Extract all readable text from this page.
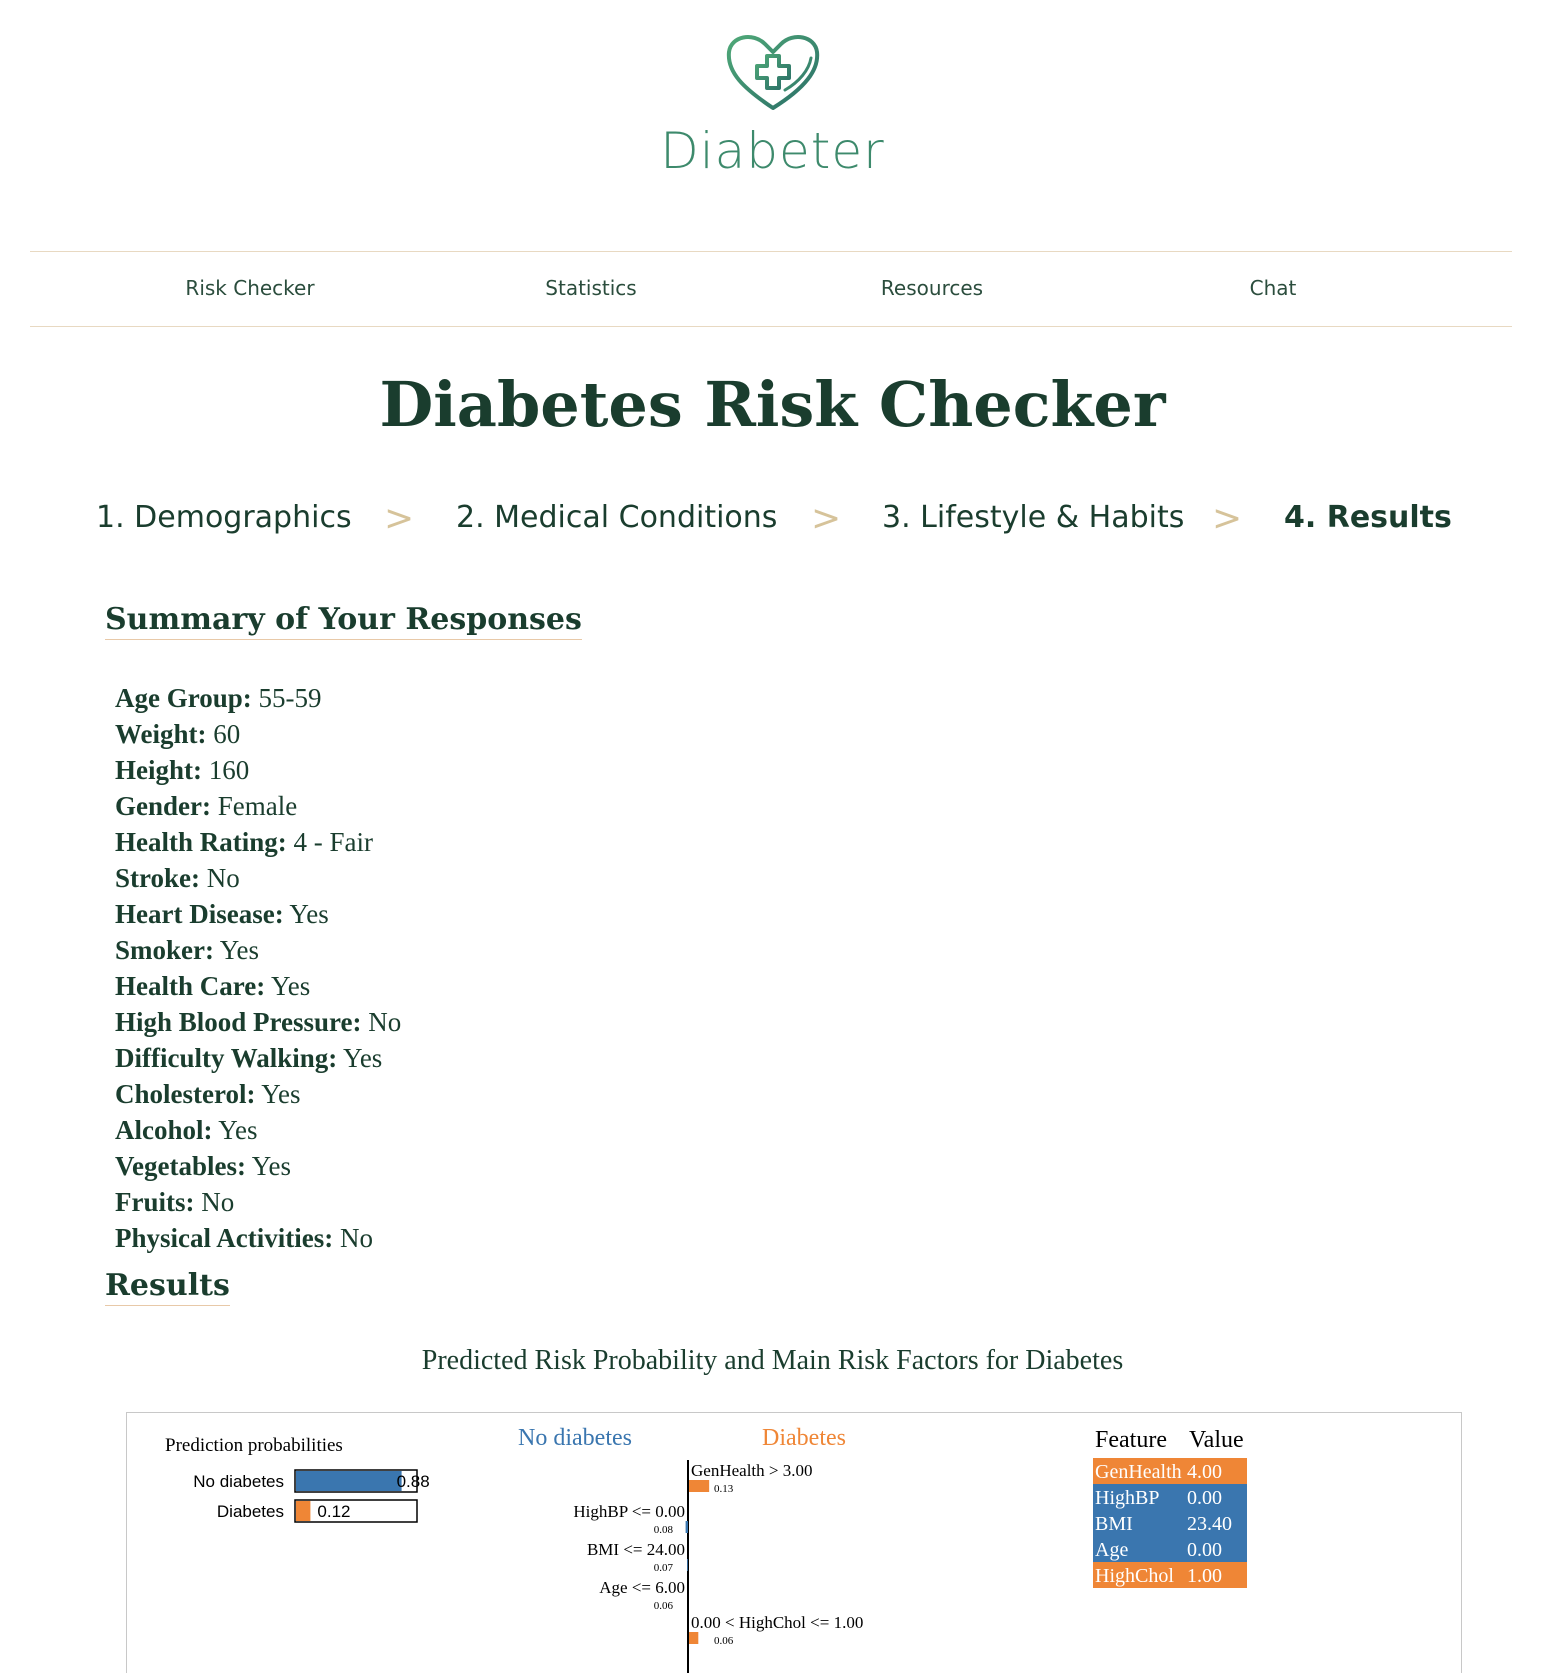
Diabeter
Risk Checker	Statistics	Resources	Chat
Diabetes Risk Checker
1. Demographics > 2. Medical Conditions > 3. Lifestyle & Habits > 4. Results
Summary of Your Responses
Age Group: 55-59
Weight: 60
Height: 160
Gender: Female
Health Rating: 4 - Fair
Stroke: No
Heart Disease: Yes
Smoker: Yes
Health Care: Yes
High Blood Pressure: No
Difficulty Walking: Yes
Cholesterol: Yes
Alcohol: Yes
Vegetables: Yes
Fruits: No
Physical Activities: No
Results
Predicted Risk Probability and Main Risk Factors for Diabetes
Prediction probabilities
No diabetes	0.88
Diabetes 0.12
No diabetes	Diabetes
GenHealth > 3.00
0.13
HighBP <= 0.00
0.08
BMI <= 24.00
0.07
Age <= 6.00
0.06
0.00 < HighChol <= 1.00
0.06
Feature Value
GenHealth 4.00
HighBP 0.00
BMI	23.40
Age	0.00
HighChol 1.00
